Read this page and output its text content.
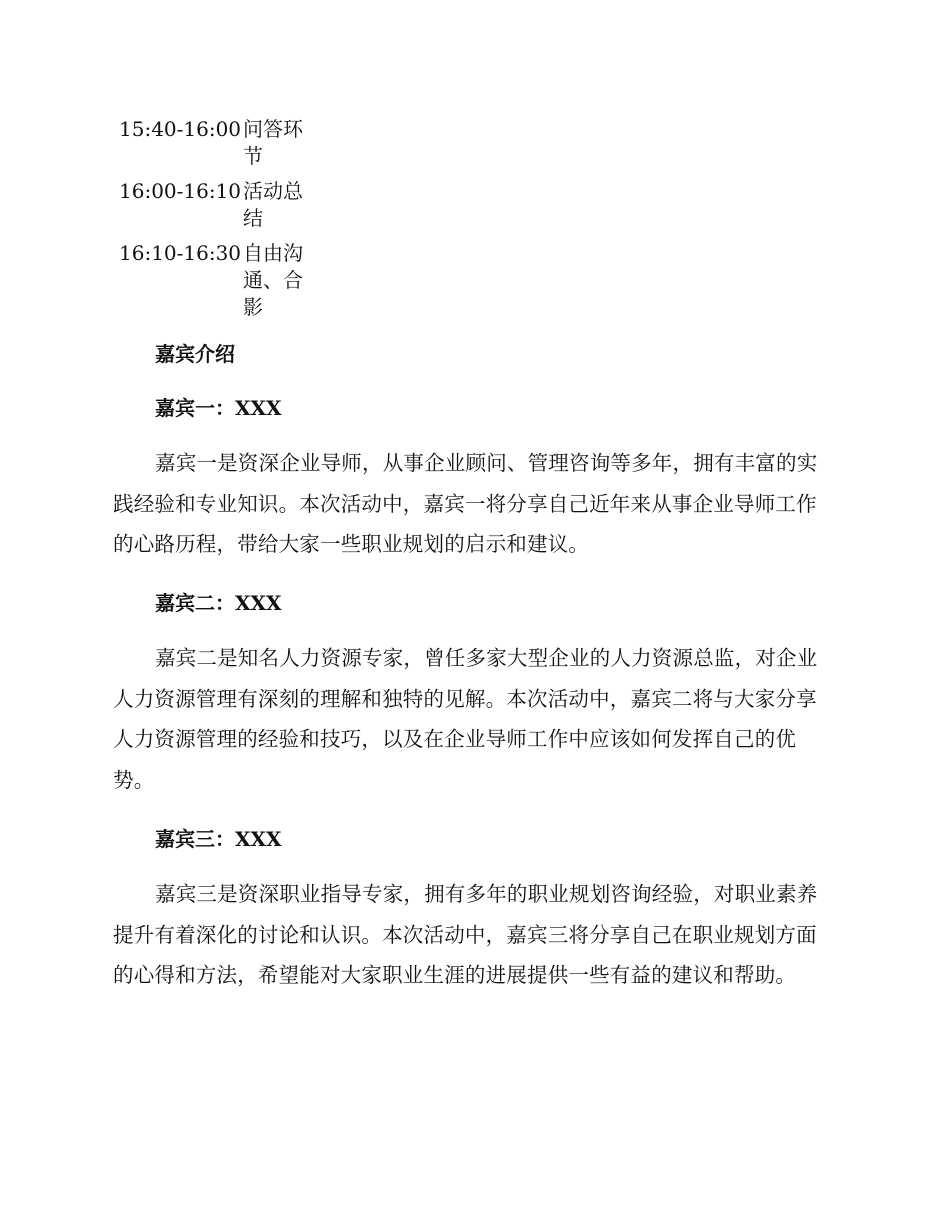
15:40-16:00	问答环节
16:00-16:10	活动总结
16:10-16:30	自由沟通、合影
嘉宾介绍
嘉宾一：XXX
嘉宾一是资深企业导师，从事企业顾问、管理咨询等多年，拥有丰富的实践经验和专业知识。本次活动中，嘉宾一将分享自己近年来从事企业导师工作的心路历程，带给大家一些职业规划的启示和建议。
嘉宾二：XXX
嘉宾二是知名人力资源专家，曾任多家大型企业的人力资源总监，对企业人力资源管理有深刻的理解和独特的见解。本次活动中，嘉宾二将与大家分享人力资源管理的经验和技巧，以及在企业导师工作中应该如何发挥自己的优势。
嘉宾三：XXX
嘉宾三是资深职业指导专家，拥有多年的职业规划咨询经验，对职业素养提升有着深化的讨论和认识。本次活动中，嘉宾三将分享自己在职业规划方面的心得和方法，希望能对大家职业生涯的进展提供一些有益的建议和帮助。
